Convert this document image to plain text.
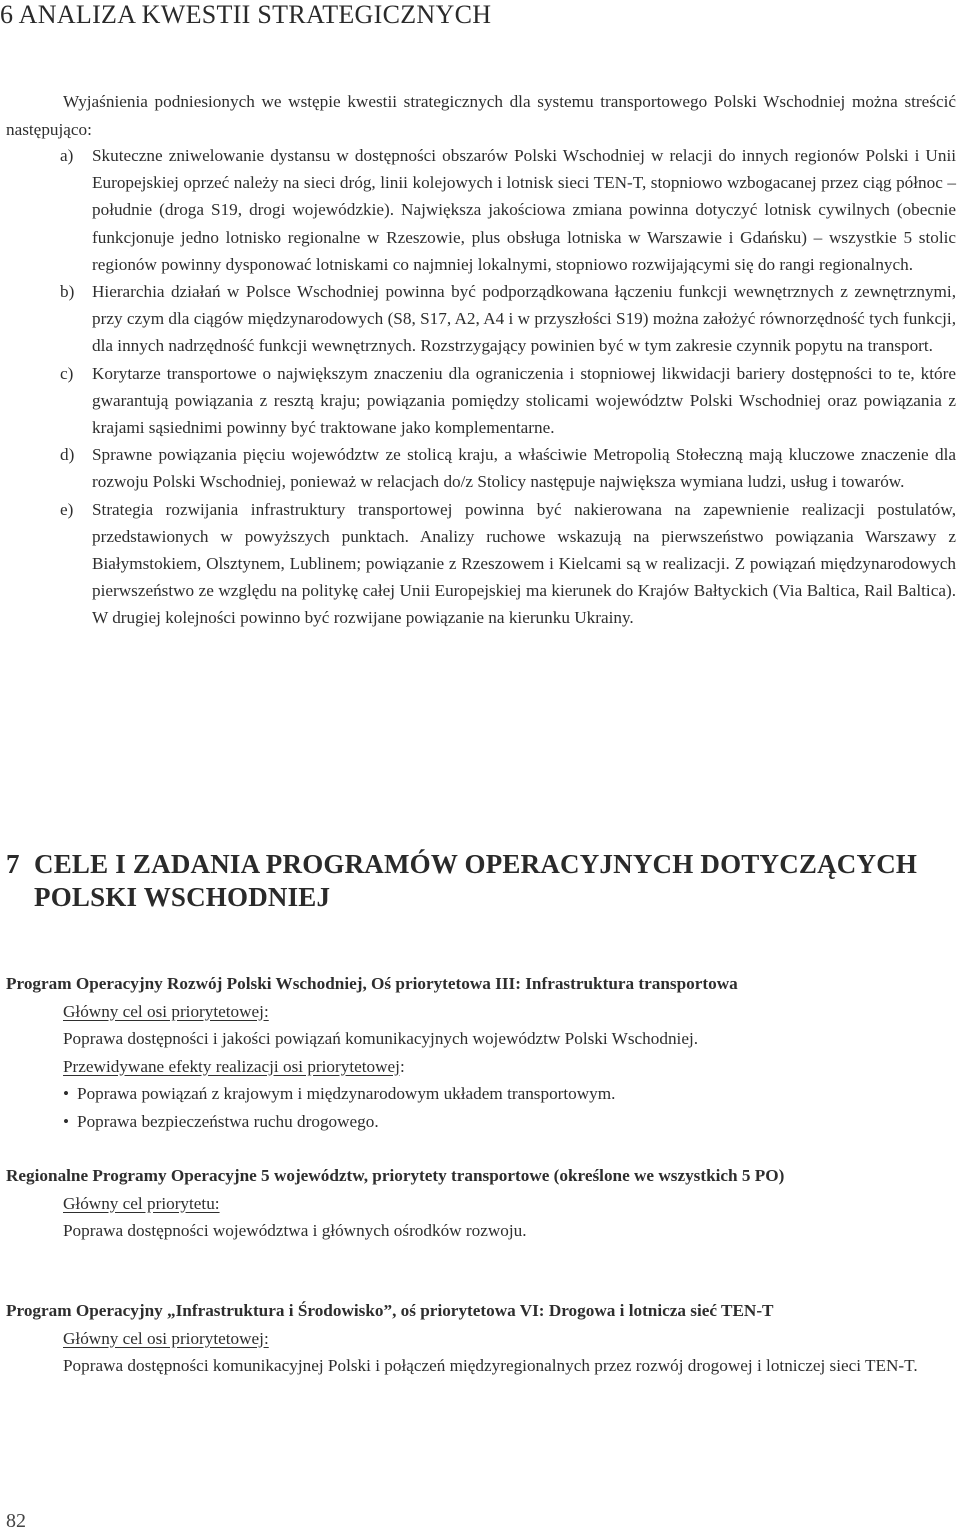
6 ANALIZA KWESTII STRATEGICZNYCH

Wyjaśnienia podniesionych we wstępie kwestii strategicznych dla systemu transportowego Polski Wschodniej można streścić następująco:

a) Skuteczne zniwelowanie dystansu w dostępności obszarów Polski Wschodniej w relacji do innych regionów Polski i Unii Europejskiej oprzeć należy na sieci dróg, linii kolejowych i lotnisk sieci TEN-T, stopniowo wzbogacanej przez ciąg północ – południe (droga S19, drogi wojewódzkie). Największa jakościowa zmiana powinna dotyczyć lotnisk cywilnych (obecnie funkcjonuje jedno lotnisko regionalne w Rzeszowie, plus obsługa lotniska w Warszawie i Gdańsku) – wszystkie 5 stolic regionów powinny dysponować lotniskami co najmniej lokalnymi, stopniowo rozwijającymi się do rangi regionalnych.
b) Hierarchia działań w Polsce Wschodniej powinna być podporządkowana łączeniu funkcji wewnętrznych z zewnętrznymi, przy czym dla ciągów międzynarodowych (S8, S17, A2, A4 i w przyszłości S19) można założyć równorzędność tych funkcji, dla innych nadrzędność funkcji wewnętrznych. Rozstrzygający powinien być w tym zakresie czynnik popytu na transport.
c) Korytarze transportowe o największym znaczeniu dla ograniczenia i stopniowej likwidacji bariery dostępności to te, które gwarantują powiązania z resztą kraju; powiązania pomiędzy stolicami województw Polski Wschodniej oraz powiązania z krajami sąsiednimi powinny być traktowane jako komplementarne.
d) Sprawne powiązania pięciu województw ze stolicą kraju, a właściwie Metropolią Stołeczną mają kluczowe znaczenie dla rozwoju Polski Wschodniej, ponieważ w relacjach do/z Stolicy następuje największa wymiana ludzi, usług i towarów.
e) Strategia rozwijania infrastruktury transportowej powinna być nakierowana na zapewnienie realizacji postulatów, przedstawionych w powyższych punktach. Analizy ruchowe wskazują na pierwszeństwo powiązania Warszawy z Białymstokiem, Olsztynem, Lublinem; powiązanie z Rzeszowem i Kielcami są w realizacji. Z powiązań międzynarodowych pierwszeństwo ze względu na politykę całej Unii Europejskiej ma kierunek do Krajów Bałtyckich (Via Baltica, Rail Baltica). W drugiej kolejności powinno być rozwijane powiązanie na kierunku Ukrainy.
7 CELE I ZADANIA PROGRAMÓW OPERACYJNYCH DOTYCZĄCYCH
POLSKI WSCHODNIEJ

Program Operacyjny Rozwój Polski Wschodniej, Oś priorytetowa III: Infrastruktura transportowa

Główny cel osi priorytetowej:

Poprawa dostępności i jakości powiązań komunikacyjnych województw Polski Wschodniej.

Przewidywane efekty realizacji osi priorytetowej:

• Poprawa powiązań z krajowym i międzynarodowym układem transportowym.
• Poprawa bezpieczeństwa ruchu drogowego.

Regionalne Programy Operacyjne 5 województw, priorytety transportowe (określone we wszystkich 5 PO)

Główny cel priorytetu:

Poprawa dostępności województwa i głównych ośrodków rozwoju.

Program Operacyjny „Infrastruktura i Środowisko”, oś priorytetowa VI: Drogowa i lotnicza sieć TEN-T

Główny cel osi priorytetowej:

Poprawa dostępności komunikacyjnej Polski i połączeń międzyregionalnych przez rozwój drogowej i lotniczej sieci TEN-T.

82
